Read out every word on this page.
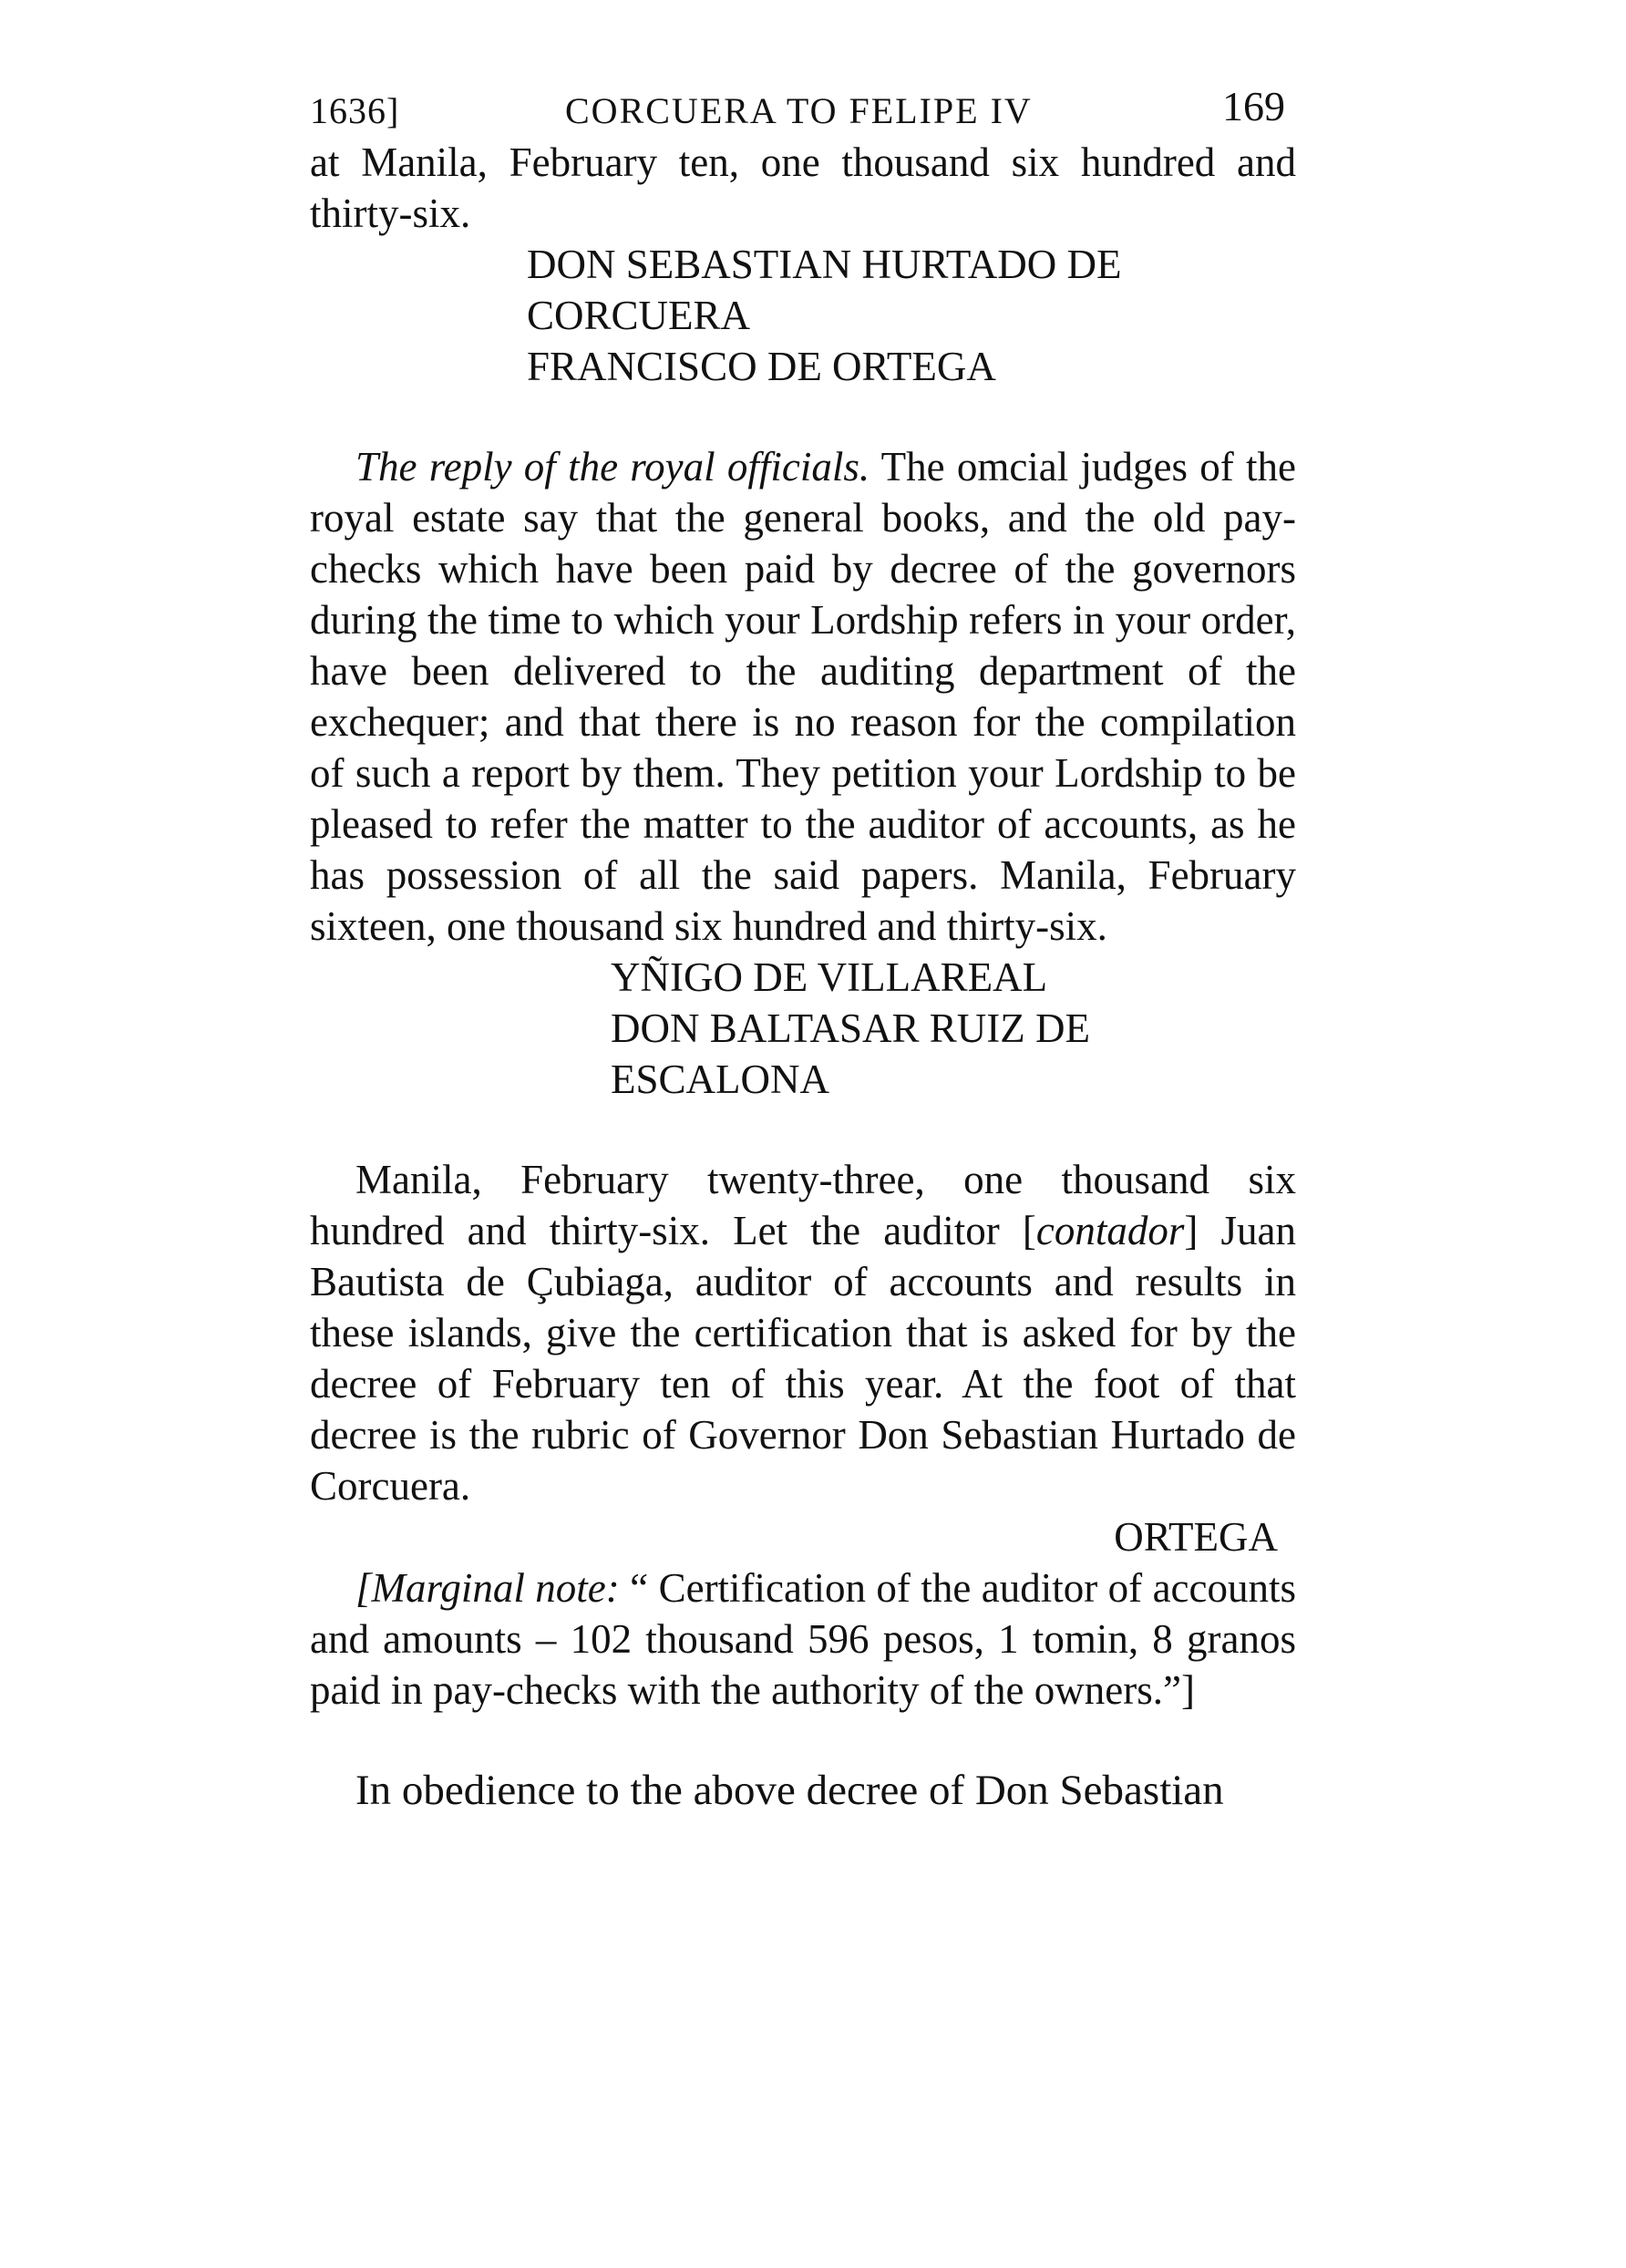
1636]	CORCUERA TO FELIPE IV	169

at Manila, February ten, one thousand six hundred and thirty-six.

DON SEBASTIAN HURTADO DE CORCUERA
FRANCISCO DE ORTEGA

The reply of the royal officials. The omcial judges of the royal estate say that the general books, and the old pay-checks which have been paid by decree of the governors during the time to which your Lordship refers in your order, have been delivered to the auditing department of the exchequer; and that there is no reason for the compilation of such a report by them. They petition your Lordship to be pleased to refer the matter to the auditor of accounts, as he has possession of all the said papers. Manila, February sixteen, one thousand six hundred and thirty-six.

YÑIGO DE VILLAREAL
DON BALTASAR RUIZ DE ESCALONA

Manila, February twenty-three, one thousand six hundred and thirty-six. Let the auditor [contador] Juan Bautista de Çubiaga, auditor of accounts and results in these islands, give the certification that is asked for by the decree of February ten of this year. At the foot of that decree is the rubric of Governor Don Sebastian Hurtado de Corcuera.

ORTEGA

[Marginal note: “ Certification of the auditor of accounts and amounts – 102 thousand 596 pesos, 1 tomin, 8 granos paid in pay-checks with the authority of the owners.”]

In obedience to the above decree of Don Sebastian
